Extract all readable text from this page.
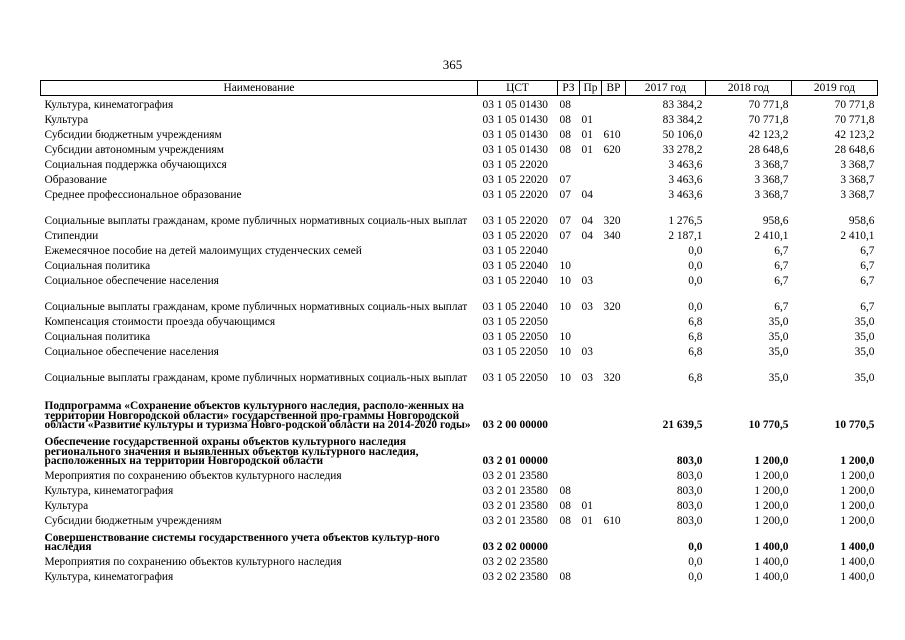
365
Наименование	ЦСТ	РЗ	Пр	ВР	2017 год	2018 год	2019 год
Культура, кинематография	03 1 05 01430	08			83 384,2	70 771,8	70 771,8
Культура	03 1 05 01430	08	01		83 384,2	70 771,8	70 771,8
Субсидии бюджетным учреждениям	03 1 05 01430	08	01	610	50 106,0	42 123,2	42 123,2
Субсидии автономным учреждениям	03 1 05 01430	08	01	620	33 278,2	28 648,6	28 648,6
Социальная поддержка обучающихся	03 1 05 22020				3 463,6	3 368,7	3 368,7
Образование	03 1 05 22020	07			3 463,6	3 368,7	3 368,7
Среднее профессиональное образование	03 1 05 22020	07	04		3 463,6	3 368,7	3 368,7
Социальные выплаты гражданам, кроме публичных нормативных социаль-ных выплат	03 1 05 22020	07	04	320	1 276,5	958,6	958,6
Стипендии	03 1 05 22020	07	04	340	2 187,1	2 410,1	2 410,1
Ежемесячное пособие на детей малоимущих студенческих семей	03 1 05 22040				0,0	6,7	6,7
Социальная политика	03 1 05 22040	10			0,0	6,7	6,7
Социальное обеспечение населения	03 1 05 22040	10	03		0,0	6,7	6,7
Социальные выплаты гражданам, кроме публичных нормативных социаль-ных выплат	03 1 05 22040	10	03	320	0,0	6,7	6,7
Компенсация стоимости проезда обучающимся	03 1 05 22050				6,8	35,0	35,0
Социальная политика	03 1 05 22050	10			6,8	35,0	35,0
Социальное обеспечение населения	03 1 05 22050	10	03		6,8	35,0	35,0
Социальные выплаты гражданам, кроме публичных нормативных социаль-ных выплат	03 1 05 22050	10	03	320	6,8	35,0	35,0
Подпрограмма «Сохранение объектов культурного наследия, располо-женных на территории Новгородской области» государственной про-граммы Новгородской области «Развитие культуры и туризма Новго-родской области на 2014-2020 годы»	03 2 00 00000				21 639,5	10 770,5	10 770,5
Обеспечение государственной охраны объектов культурного наследия регионального значения и выявленных объектов культурного наследия, расположенных на территории Новгородской области	03 2 01 00000				803,0	1 200,0	1 200,0
Мероприятия по сохранению объектов культурного наследия	03 2 01 23580				803,0	1 200,0	1 200,0
Культура, кинематография	03 2 01 23580	08			803,0	1 200,0	1 200,0
Культура	03 2 01 23580	08	01		803,0	1 200,0	1 200,0
Субсидии бюджетным учреждениям	03 2 01 23580	08	01	610	803,0	1 200,0	1 200,0
Совершенствование системы государственного учета объектов культур-ного наследия	03 2 02 00000				0,0	1 400,0	1 400,0
Мероприятия по сохранению объектов культурного наследия	03 2 02 23580				0,0	1 400,0	1 400,0
Культура, кинематография	03 2 02 23580	08			0,0	1 400,0	1 400,0
